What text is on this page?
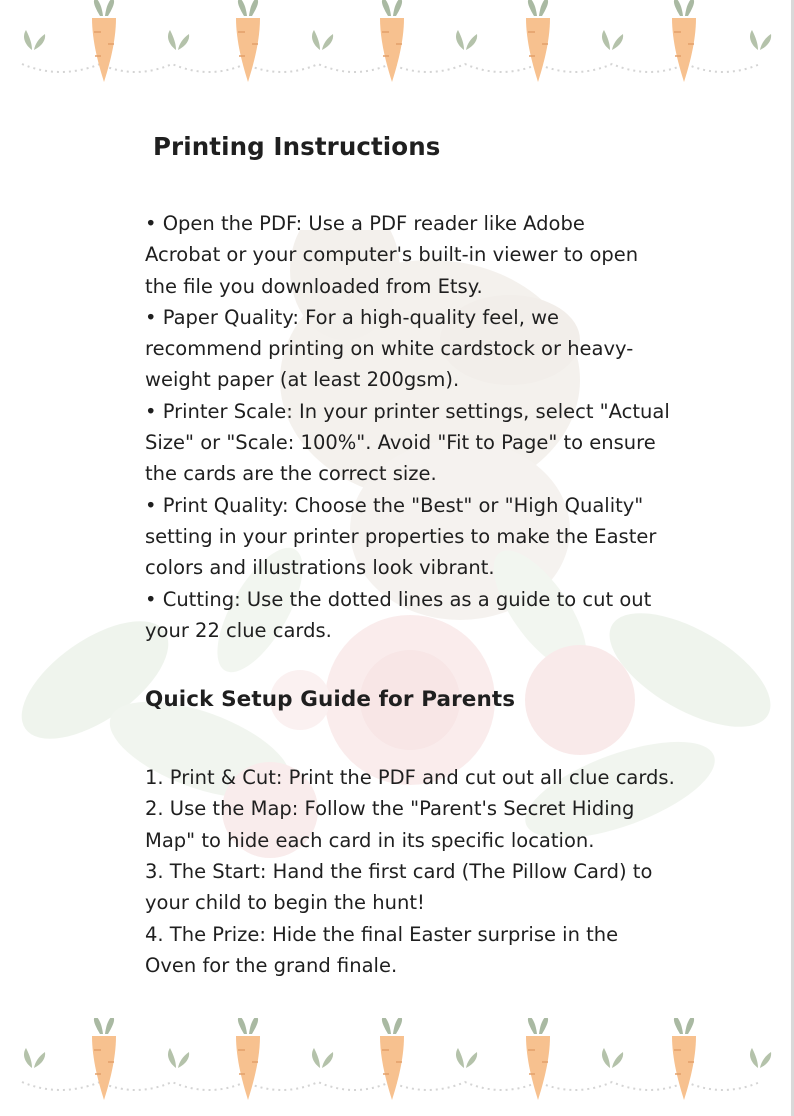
Printing Instructions
• Open the PDF: Use a PDF reader like Adobe
Acrobat or your computer's built-in viewer to open
the file you downloaded from Etsy.
• Paper Quality: For a high-quality feel, we
recommend printing on white cardstock or heavy-
weight paper (at least 200gsm).
• Printer Scale: In your printer settings, select "Actual
Size" or "Scale: 100%". Avoid "Fit to Page" to ensure
the cards are the correct size.
• Print Quality: Choose the "Best" or "High Quality"
setting in your printer properties to make the Easter
colors and illustrations look vibrant.
• Cutting: Use the dotted lines as a guide to cut out
your 22 clue cards.
Quick Setup Guide for Parents
1. Print & Cut: Print the PDF and cut out all clue cards.
2. Use the Map: Follow the "Parent's Secret Hiding
Map" to hide each card in its specific location.
3. The Start: Hand the first card (The Pillow Card) to
your child to begin the hunt!
4. The Prize: Hide the final Easter surprise in the
Oven for the grand finale.
